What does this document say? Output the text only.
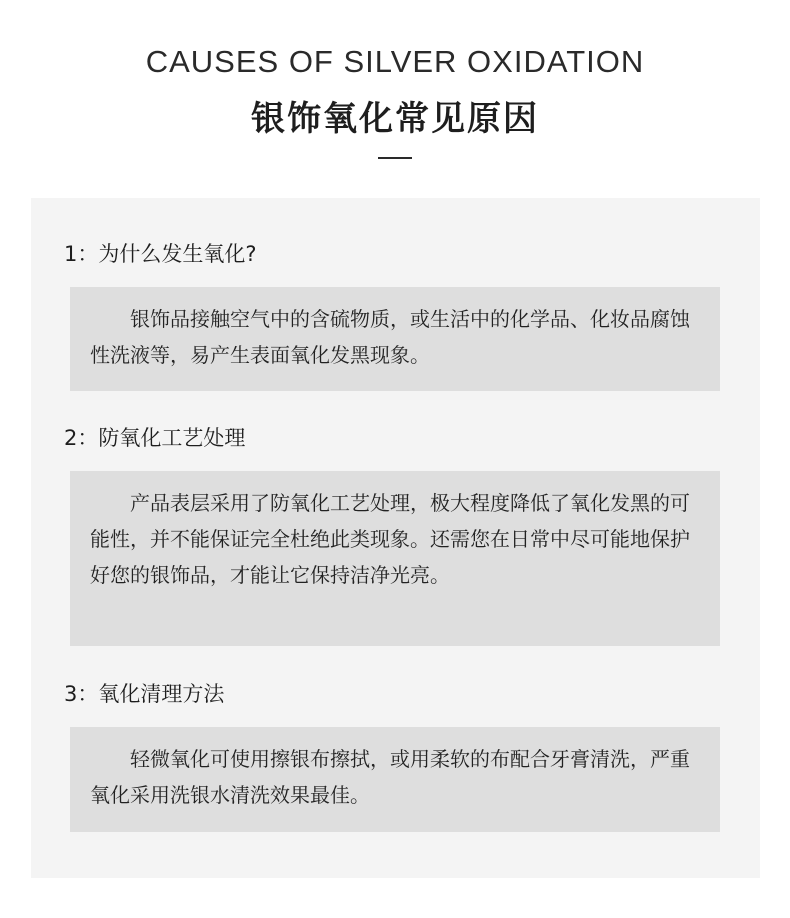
CAUSES OF SILVER OXIDATION
银饰氧化常见原因
1：为什么发生氧化?

银饰品接触空气中的含硫物质，或生活中的化学品、化妆品腐蚀性洗液等，易产生表面氧化发黑现象。

2：防氧化工艺处理

产品表层采用了防氧化工艺处理，极大程度降低了氧化发黑的可能性，并不能保证完全杜绝此类现象。还需您在日常中尽可能地保护好您的银饰品，才能让它保持洁净光亮。

3：氧化清理方法

轻微氧化可使用擦银布擦拭，或用柔软的布配合牙膏清洗，严重氧化采用洗银水清洗效果最佳。
